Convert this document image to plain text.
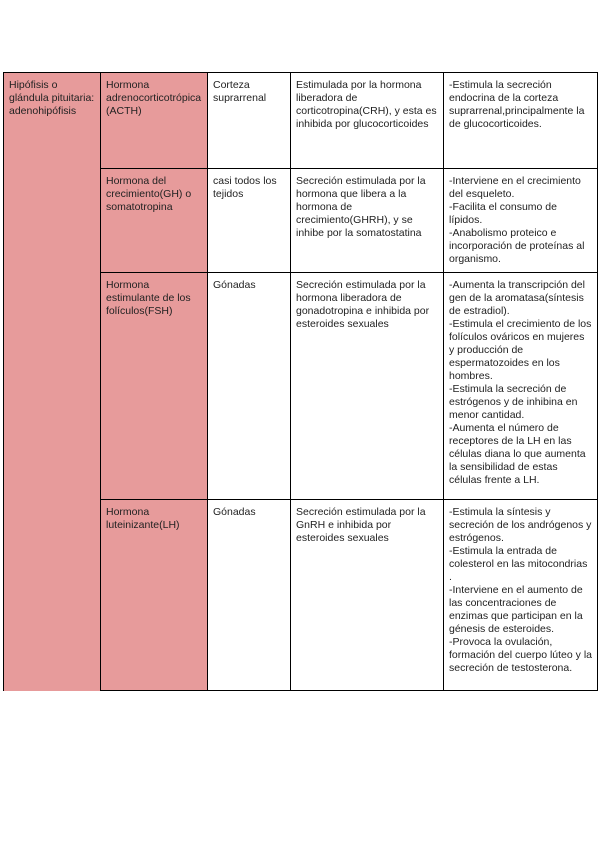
Hipófisis o glándula pituitaria: adenohipófisis	Hormona adrenocorticotrópica(ACTH)	Corteza suprarrenal	Estimulada por la hormona liberadora de corticotropina(CRH), y esta es inhibida por glucocorticoides	-Estimula la secreción endocrina de la corteza suprarrenal,principalmente la de glucocorticoides.

	Hormona del crecimiento(GH) o somatotropina	casi todos los tejidos	Secreción estimulada por la hormona que libera a la hormona de crecimiento(GHRH), y se inhibe por la somatostatina	-Interviene en el crecimiento del esqueleto.
-Facilita el consumo de lípidos.
-Anabolismo proteico e incorporación de proteínas al organismo.

	Hormona estimulante de los folículos(FSH)	Gónadas	Secreción estimulada por la hormona liberadora de gonadotropina e inhibida por esteroides sexuales	-Aumenta la transcripción del gen de la aromatasa(síntesis de estradiol).
-Estimula el crecimiento de los folículos ováricos en mujeres y producción de espermatozoides en los hombres.
-Estimula la secreción de estrógenos y de inhibina en menor cantidad.
-Aumenta el número de receptores de la LH en las células diana lo que aumenta la sensibilidad de estas células frente a LH.

	Hormona luteinizante(LH)	Gónadas	Secreción estimulada por la GnRH e inhibida por esteroides sexuales	-Estimula la síntesis y secreción de los andrógenos y estrógenos.
-Estimula la entrada de colesterol en las mitocondrias .
-Interviene en el aumento de las concentraciones de enzimas que participan en la génesis de esteroides.
-Provoca la ovulación, formación del cuerpo lúteo y la secreción de testosterona.
